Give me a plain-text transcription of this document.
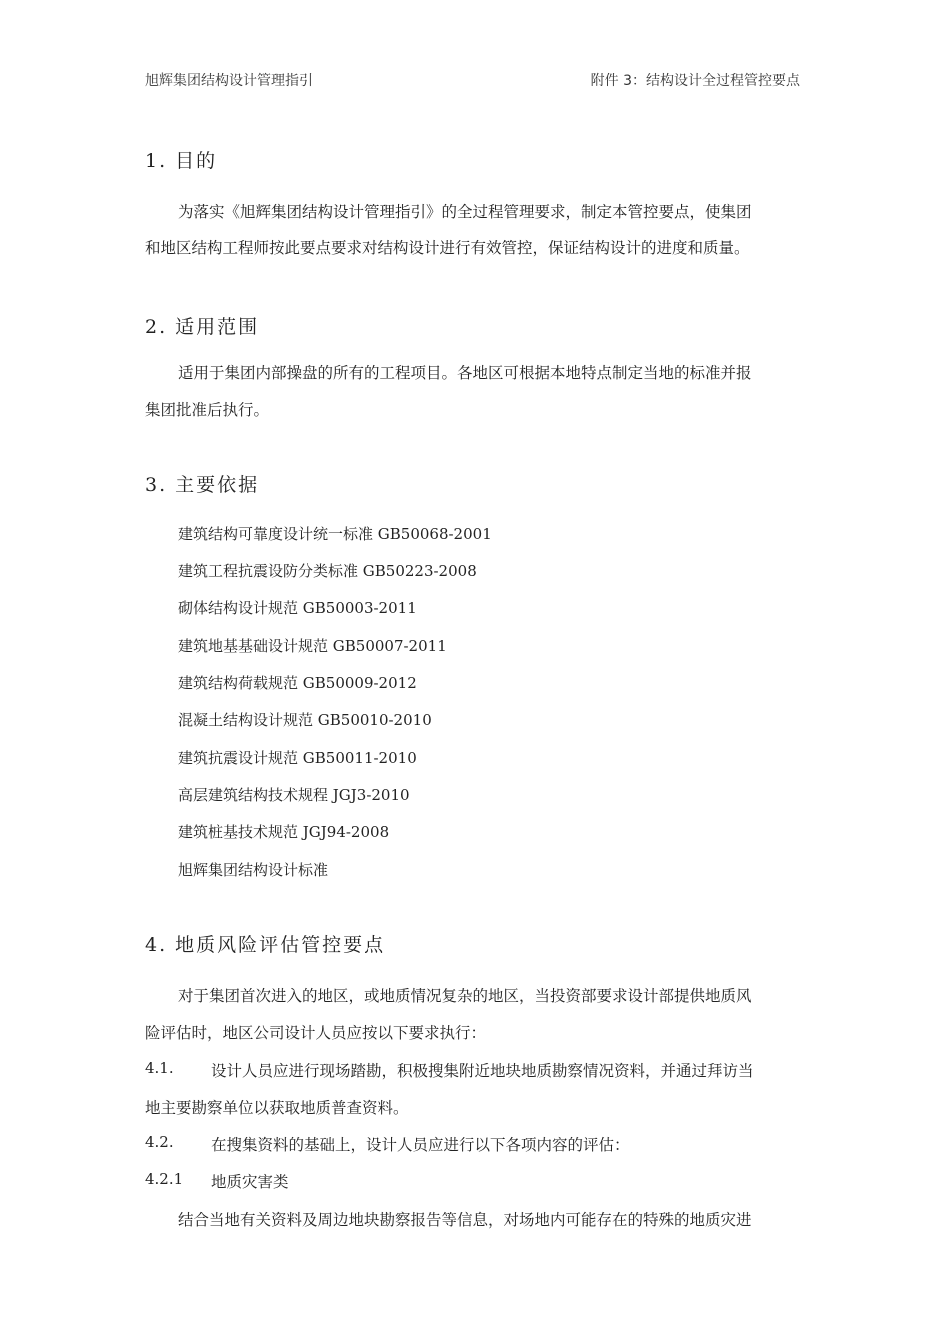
旭辉集团结构设计管理指引	附件 3：结构设计全过程管控要点
1. 目的
为落实《旭辉集团结构设计管理指引》的全过程管理要求，制定本管控要点，使集团
和地区结构工程师按此要点要求对结构设计进行有效管控，保证结构设计的进度和质量。
2. 适用范围
适用于集团内部操盘的所有的工程项目。各地区可根据本地特点制定当地的标准并报
集团批准后执行。
3. 主要依据
建筑结构可靠度设计统一标准 GB50068-2001
建筑工程抗震设防分类标准 GB50223-2008
砌体结构设计规范 GB50003-2011
建筑地基基础设计规范 GB50007-2011
建筑结构荷载规范 GB50009-2012
混凝土结构设计规范 GB50010-2010
建筑抗震设计规范 GB50011-2010
高层建筑结构技术规程 JGJ3-2010
建筑桩基技术规范 JGJ94-2008
旭辉集团结构设计标准
4. 地质风险评估管控要点
对于集团首次进入的地区，或地质情况复杂的地区，当投资部要求设计部提供地质风
险评估时，地区公司设计人员应按以下要求执行：
4.1. 设计人员应进行现场踏勘，积极搜集附近地块地质勘察情况资料，并通过拜访当
地主要勘察单位以获取地质普查资料。
4.2. 在搜集资料的基础上，设计人员应进行以下各项内容的评估：
4.2.1 地质灾害类
结合当地有关资料及周边地块勘察报告等信息，对场地内可能存在的特殊的地质灾进
